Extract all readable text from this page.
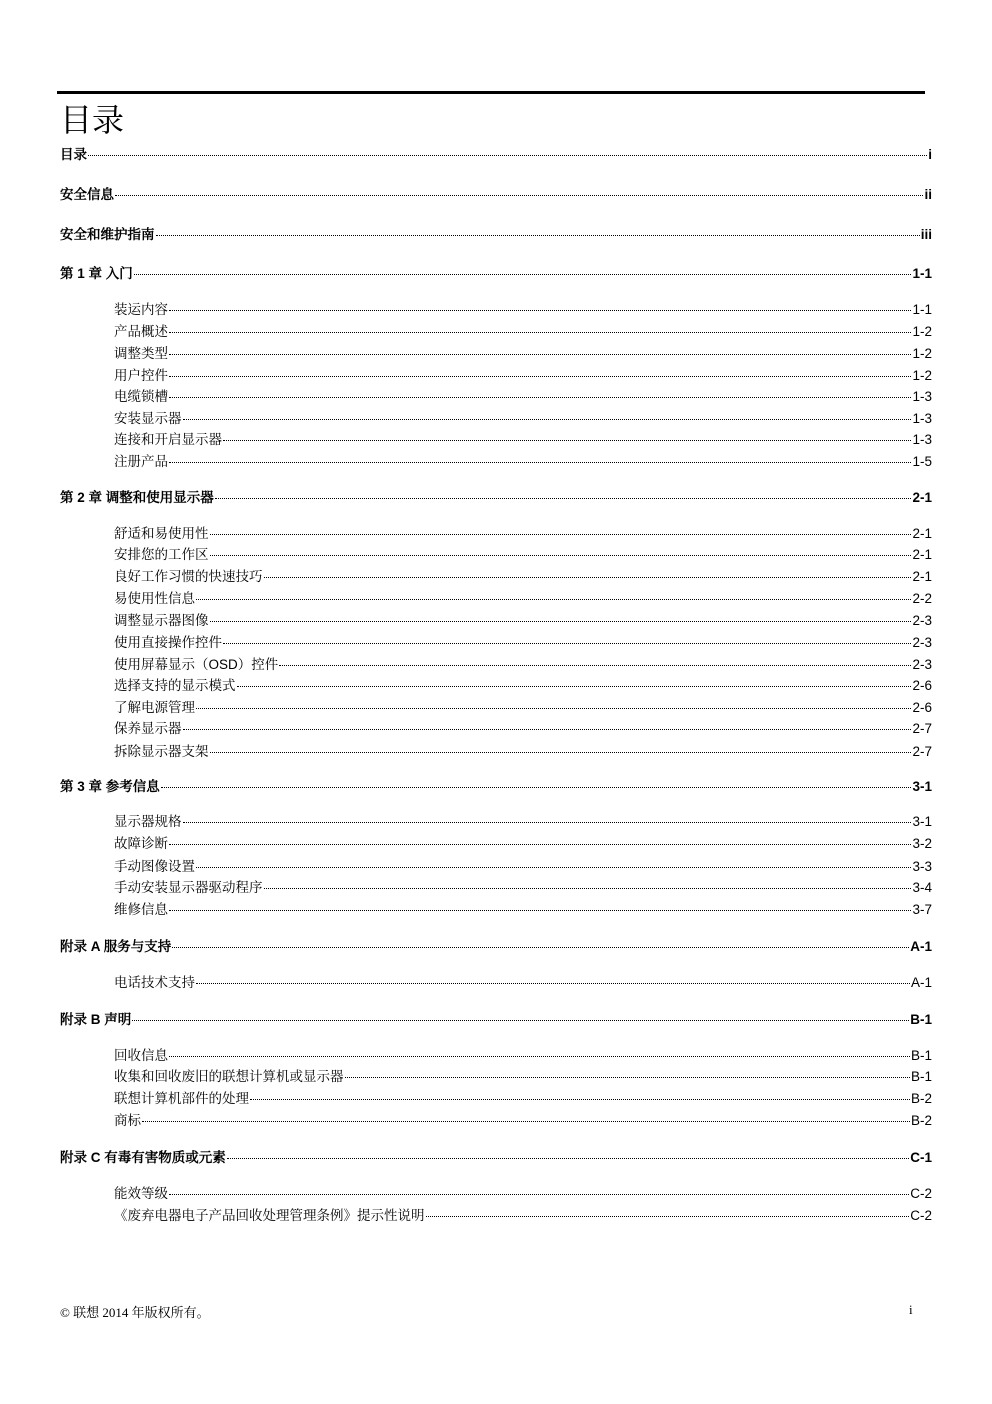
目录
目录	i
安全信息	ii
安全和维护指南	iii
第 1 章 入门	1-1
装运内容	1-1
产品概述	1-2
调整类型	1-2
用户控件	1-2
电缆锁槽	1-3
安装显示器	1-3
连接和开启显示器	1-3
注册产品	1-5
第 2 章 调整和使用显示器	2-1
舒适和易使用性	2-1
安排您的工作区	2-1
良好工作习惯的快速技巧	2-1
易使用性信息	2-2
调整显示器图像	2-3
使用直接操作控件	2-3
使用屏幕显示（OSD）控件	2-3
选择支持的显示模式	2-6
了解电源管理	2-6
保养显示器	2-7
拆除显示器支架	2-7
第 3 章 参考信息	3-1
显示器规格	3-1
故障诊断	3-2
手动图像设置	3-3
手动安装显示器驱动程序	3-4
维修信息	3-7
附录 A 服务与支持	A-1
电话技术支持	A-1
附录 B 声明	B-1
回收信息	B-1
收集和回收废旧的联想计算机或显示器	B-1
联想计算机部件的处理	B-2
商标	B-2
附录 C 有毒有害物质或元素	C-1
能效等级	C-2
《废弃电器电子产品回收处理管理条例》提示性说明	C-2
© 联想 2014 年版权所有。	i
